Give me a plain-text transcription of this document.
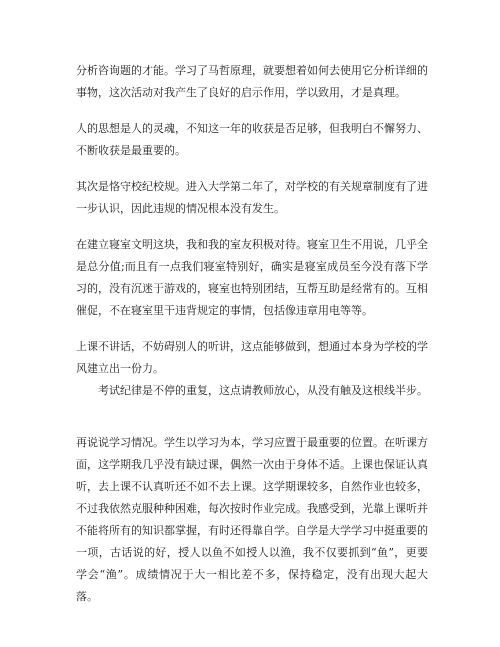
分析咨询题的才能。学习了马哲原理，就要想着如何去使用它分析详细的事物，这次活动对我产生了良好的启示作用，学以致用，才是真理。

人的思想是人的灵魂，不知这一年的收获是否足够，但我明白不懈努力、不断收获是最重要的。

其次是恪守校纪校规。进入大学第二年了，对学校的有关规章制度有了进一步认识，因此违规的情况根本没有发生。

在建立寝室文明这块，我和我的室友积极对待。寝室卫生不用说，几乎全是总分值;而且有一点我们寝室特别好，确实是寝室成员至今没有落下学习的，没有沉迷于游戏的，寝室也特别团结，互帮互助是经常有的。互相催促，不在寝室里干违背规定的事情，包括像违章用电等等。

上课不讲话，不妨碍别人的听讲，这点能够做到，想通过本身为学校的学风建立出一份力。

考试纪律是不停的重复，这点请教师放心，从没有触及这根线半步。

再说说学习情况。学生以学习为本，学习应置于最重要的位置。在听课方面，这学期我几乎没有缺过课，偶然一次由于身体不适。上课也保证认真听，去上课不认真听还不如不去上课。这学期课较多，自然作业也较多，不过我依然克服种种困难，每次按时作业完成。我感受到，光靠上课听并不能将所有的知识都掌握，有时还得靠自学。自学是大学学习中挺重要的一项，古话说的好，授人以鱼不如授人以渔，我不仅要抓到“鱼”，更要学会“渔”。成绩情况于大一相比差不多，保持稳定，没有出现大起大落。
